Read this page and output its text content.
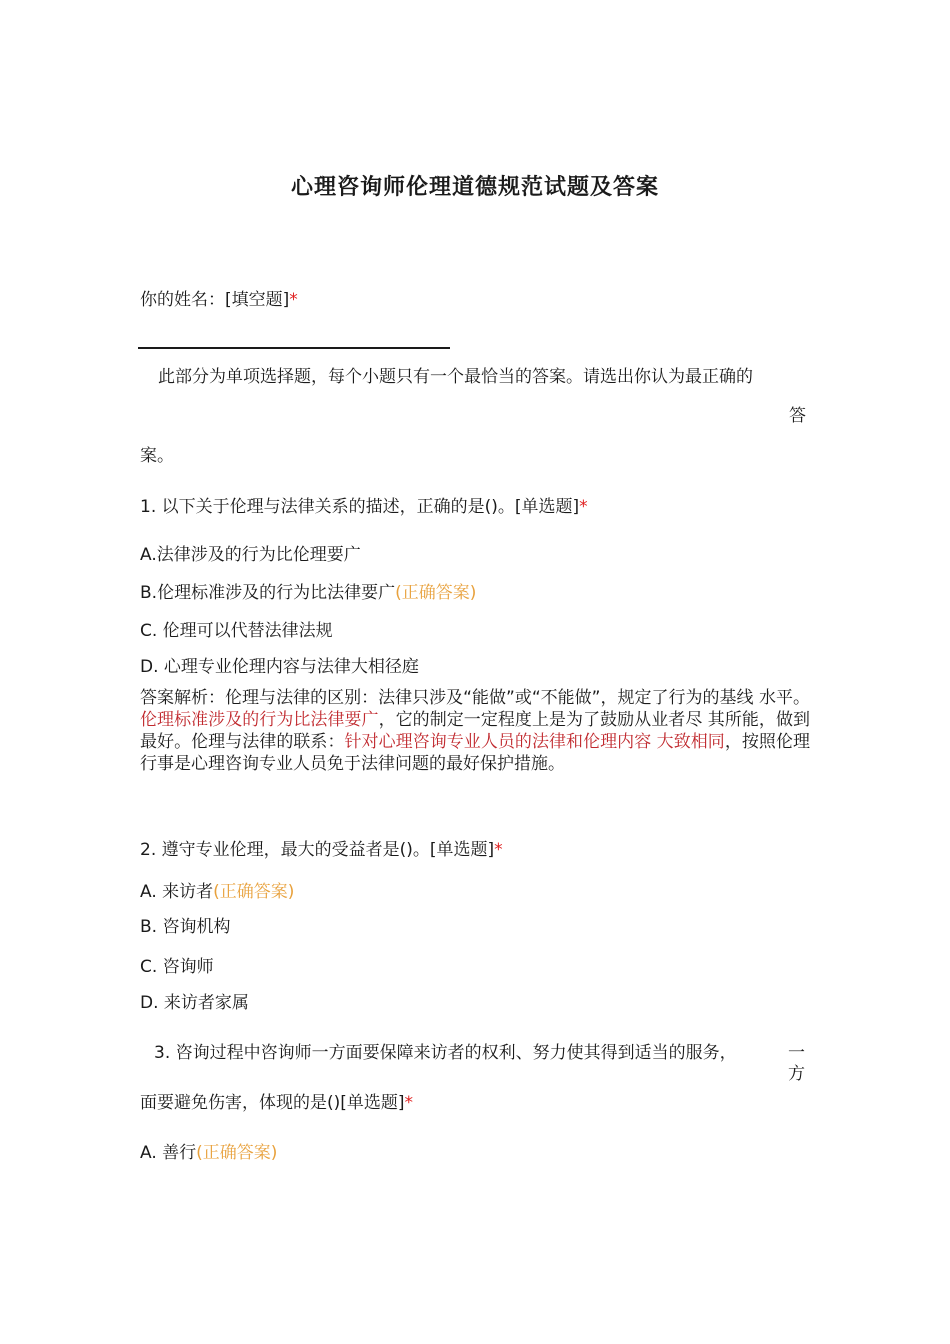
心理咨询师伦理道德规范试题及答案
你的姓名：[填空题]*
此部分为单项选择题，每个小题只有一个最恰当的答案。请选出你认为最正确的
答
案。
1. 以下关于伦理与法律关系的描述，正确的是()。[单选题]*
A.法律涉及的行为比伦理要广
B.伦理标准涉及的行为比法律要广(正确答案)
C. 伦理可以代替法律法规
D. 心理专业伦理内容与法律大相径庭
答案解析：伦理与法律的区别：法律只涉及“能做”或“不能做”，规定了行为的基线 水平。伦理标准涉及的行为比法律要广，它的制定一定程度上是为了鼓励从业者尽 其所能，做到最好。伦理与法律的联系：针对心理咨询专业人员的法律和伦理内容 大致相同，按照伦理行事是心理咨询专业人员免于法律问题的最好保护措施。
2. 遵守专业伦理，最大的受益者是()。[单选题]*
A. 来访者(正确答案)
B. 咨询机构
C. 咨询师
D. 来访者家属
3. 咨询过程中咨询师一方面要保障来访者的权利、努力使其得到适当的服务，	一
方
面要避免伤害，体现的是()[单选题]*
A. 善行(正确答案)
